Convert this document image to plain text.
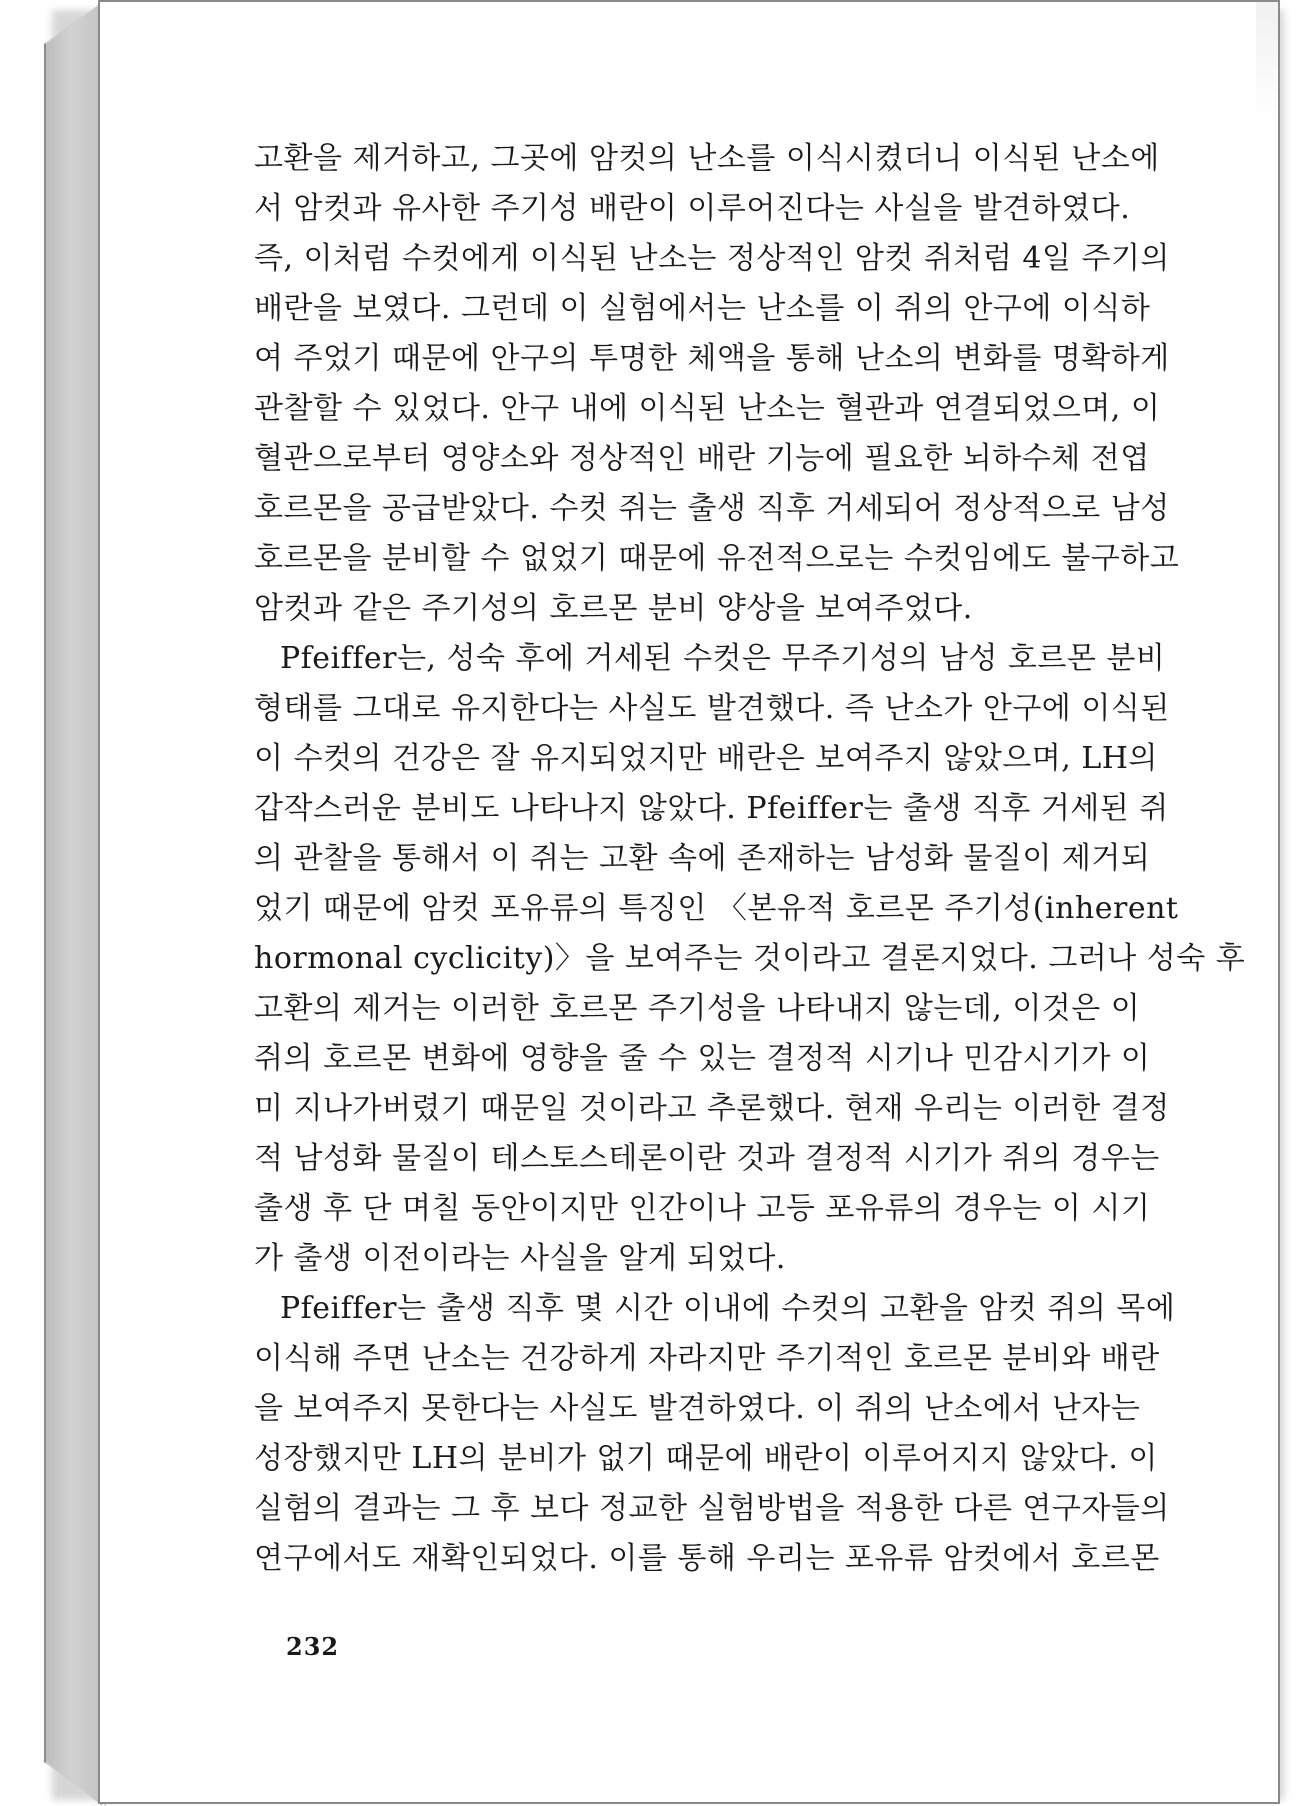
고환을 제거하고, 그곳에 암컷의 난소를 이식시켰더니 이식된 난소에
서 암컷과 유사한 주기성 배란이 이루어진다는 사실을 발견하였다.
즉, 이처럼 수컷에게 이식된 난소는 정상적인 암컷 쥐처럼 4일 주기의
배란을 보였다. 그런데 이 실험에서는 난소를 이 쥐의 안구에 이식하
여 주었기 때문에 안구의 투명한 체액을 통해 난소의 변화를 명확하게
관찰할 수 있었다. 안구 내에 이식된 난소는 혈관과 연결되었으며, 이
혈관으로부터 영양소와 정상적인 배란 기능에 필요한 뇌하수체 전엽
호르몬을 공급받았다. 수컷 쥐는 출생 직후 거세되어 정상적으로 남성
호르몬을 분비할 수 없었기 때문에 유전적으로는 수컷임에도 불구하고
암컷과 같은 주기성의 호르몬 분비 양상을 보여주었다.
Pfeiffer는, 성숙 후에 거세된 수컷은 무주기성의 남성 호르몬 분비
형태를 그대로 유지한다는 사실도 발견했다. 즉 난소가 안구에 이식된
이 수컷의 건강은 잘 유지되었지만 배란은 보여주지 않았으며, LH의
갑작스러운 분비도 나타나지 않았다. Pfeiffer는 출생 직후 거세된 쥐
의 관찰을 통해서 이 쥐는 고환 속에 존재하는 남성화 물질이 제거되
었기 때문에 암컷 포유류의 특징인 〈본유적 호르몬 주기성(inherent
hormonal cyclicity)〉을 보여주는 것이라고 결론지었다. 그러나 성숙 후
고환의 제거는 이러한 호르몬 주기성을 나타내지 않는데, 이것은 이
쥐의 호르몬 변화에 영향을 줄 수 있는 결정적 시기나 민감시기가 이
미 지나가버렸기 때문일 것이라고 추론했다. 현재 우리는 이러한 결정
적 남성화 물질이 테스토스테론이란 것과 결정적 시기가 쥐의 경우는
출생 후 단 며칠 동안이지만 인간이나 고등 포유류의 경우는 이 시기
가 출생 이전이라는 사실을 알게 되었다.
Pfeiffer는 출생 직후 몇 시간 이내에 수컷의 고환을 암컷 쥐의 목에
이식해 주면 난소는 건강하게 자라지만 주기적인 호르몬 분비와 배란
을 보여주지 못한다는 사실도 발견하였다. 이 쥐의 난소에서 난자는
성장했지만 LH의 분비가 없기 때문에 배란이 이루어지지 않았다. 이
실험의 결과는 그 후 보다 정교한 실험방법을 적용한 다른 연구자들의
연구에서도 재확인되었다. 이를 통해 우리는 포유류 암컷에서 호르몬
232
